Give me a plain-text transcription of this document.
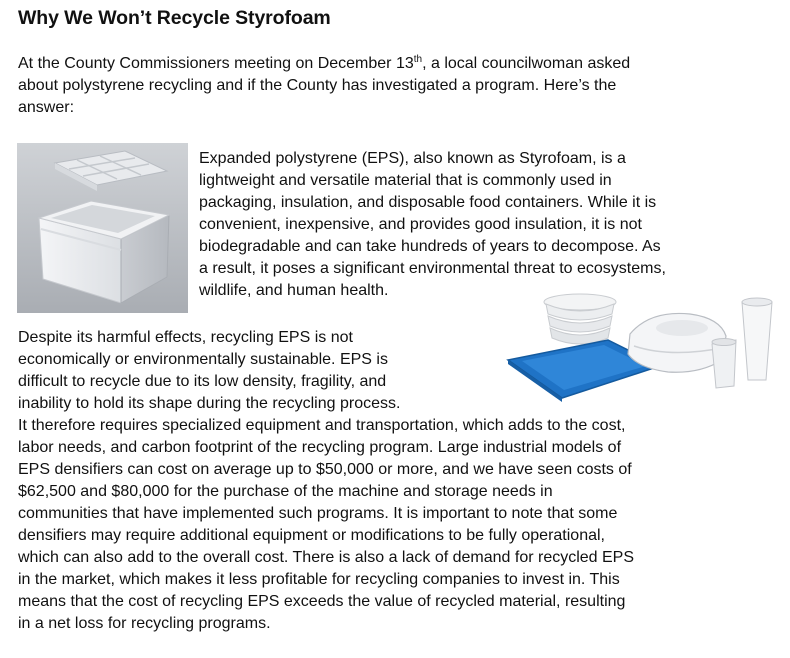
Why We Won’t Recycle Styrofoam
At the County Commissioners meeting on December 13th, a local councilwoman asked
about polystyrene recycling and if the County has investigated a program. Here’s the
answer:
Expanded polystyrene (EPS), also known as Styrofoam, is a
lightweight and versatile material that is commonly used in
packaging, insulation, and disposable food containers. While it is
convenient, inexpensive, and provides good insulation, it is not
biodegradable and can take hundreds of years to decompose. As
a result, it poses a significant environmental threat to ecosystems,
wildlife, and human health.
Despite its harmful effects, recycling EPS is not
economically or environmentally sustainable. EPS is
difficult to recycle due to its low density, fragility, and
inability to hold its shape during the recycling process.
It therefore requires specialized equipment and transportation, which adds to the cost,
labor needs, and carbon footprint of the recycling program. Large industrial models of
EPS densifiers can cost on average up to $50,000 or more, and we have seen costs of
$62,500 and $80,000 for the purchase of the machine and storage needs in
communities that have implemented such programs. It is important to note that some
densifiers may require additional equipment or modifications to be fully operational,
which can also add to the overall cost. There is also a lack of demand for recycled EPS
in the market, which makes it less profitable for recycling companies to invest in. This
means that the cost of recycling EPS exceeds the value of recycled material, resulting
in a net loss for recycling programs.
